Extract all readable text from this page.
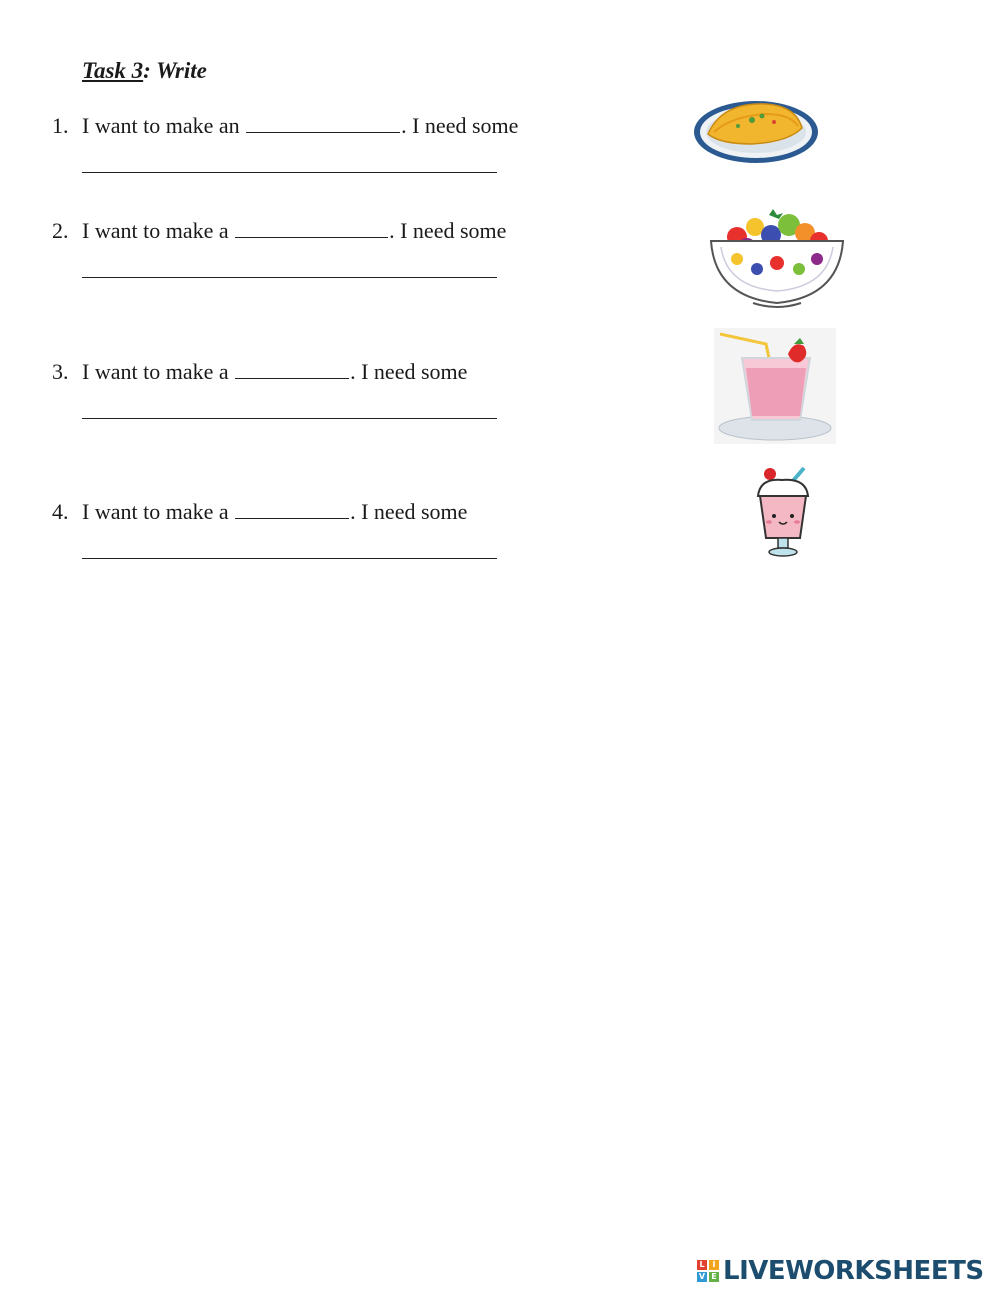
Task 3: Write
1. I want to make an	. I need some
2. I want to make a	. I need some
3. I want to make a	. I need some
4. I want to make a	. I need some
L I
V E LIVEWORKSHEETS
